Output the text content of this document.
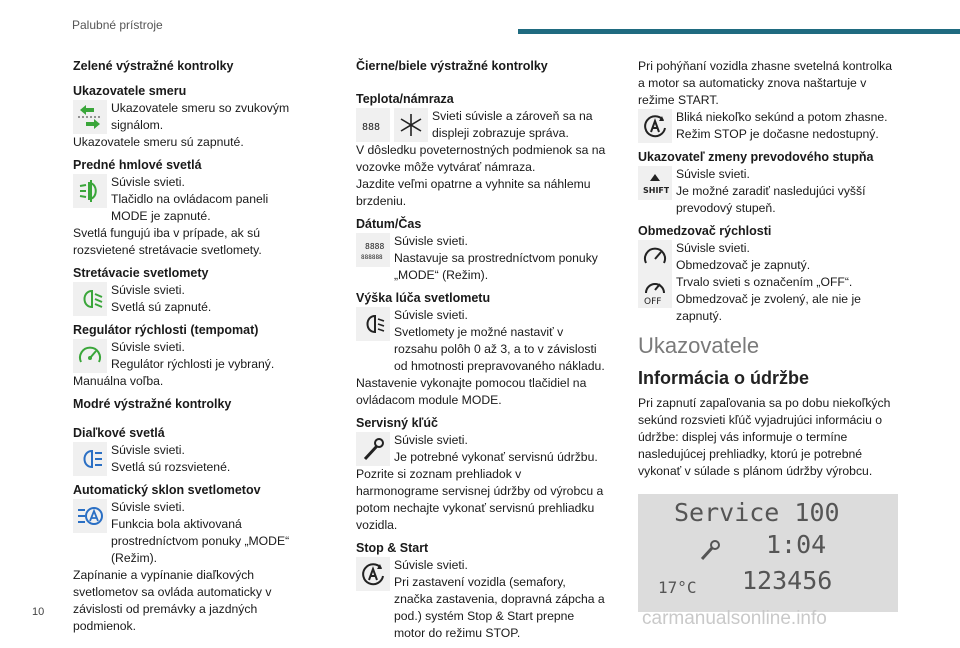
Palubné prístroje

Zelené výstražné kontrolky

Ukazovatele smeru

Ukazovatele smeru so zvukovým

signálom.

Ukazovatele smeru sú zapnuté.

Predné hmlové svetlá

Súvisle svieti.

Tlačidlo na ovládacom paneli MODE je zapnuté.

Svetlá fungujú iba v prípade, ak sú rozsvietené stretávacie svetlomety.

Stretávacie svetlomety

Súvisle svieti.

Svetlá sú zapnuté.

Regulátor rýchlosti (tempomat)

Súvisle svieti.

Regulátor rýchlosti je vybraný.

Manuálna voľba.

Modré výstražné kontrolky

Diaľkové svetlá

Súvisle svieti.

Svetlá sú rozsvietené.

Automatický sklon svetlometov

Súvisle svieti.

Funkcia bola aktivovaná prostredníctvom ponuky „MODE“ (Režim).

Zapínanie a vypínanie diaľkových svetlometov sa ovláda automaticky v závislosti od premávky a jazdných podmienok.

Čierne/biele výstražné kontrolky

Teplota/námraza

888

Svieti súvisle a zároveň sa na displeji zobrazuje správa.

V dôsledku poveternostných podmienok sa na vozovke môže vytvárať námraza.

Jazdite veľmi opatrne a vyhnite sa náhlemu brzdeniu.

Dátum/Čas

8888
888888

Súvisle svieti.

Nastavuje sa prostredníctvom ponuky „MODE“ (Režim).

Výška lúča svetlometu

Súvisle svieti.

Svetlomety je možné nastaviť v rozsahu polôh 0 až 3, a to v závislosti od hmotnosti prepravovaného nákladu.

Nastavenie vykonajte pomocou tlačidiel na ovládacom module MODE.

Servisný kľúč

Súvisle svieti.

Je potrebné vykonať servisnú údržbu.

Pozrite si zoznam prehliadok v harmonograme servisnej údržby od výrobcu a potom nechajte vykonať servisnú prehliadku vozidla.

Stop & Start

Súvisle svieti.

Pri zastavení vozidla (semafory, značka zastavenia, dopravná zápcha a pod.) systém Stop & Start prepne motor do režimu STOP.

Pri pohýňaní vozidla zhasne svetelná kontrolka a motor sa automaticky znova naštartuje v režime START.

Bliká niekoľko sekúnd a potom zhasne.

Režim STOP je dočasne nedostupný.

Ukazovateľ zmeny prevodového stupňa

SHIFT

Súvisle svieti.

Je možné zaradiť nasledujúci vyšší prevodový stupeň.

Obmedzovač rýchlosti

Súvisle svieti.

Obmedzovač je zapnutý.

OFF

Trvalo svieti s označením „OFF“.

Obmedzovač je zvolený, ale nie je zapnutý.

Ukazovatele

Informácia o údržbe

Pri zapnutí zapaľovania sa po dobu niekoľkých sekúnd rozsvieti kľúč vyjadrujúci informáciu o údržbe: displej vás informuje o termíne nasledujúcej prehliadky, ktorú je potrebné vykonať v súlade s plánom údržby výrobcu.

Service 100
1:04
17°C 123456
10	carmanualsonline.info
